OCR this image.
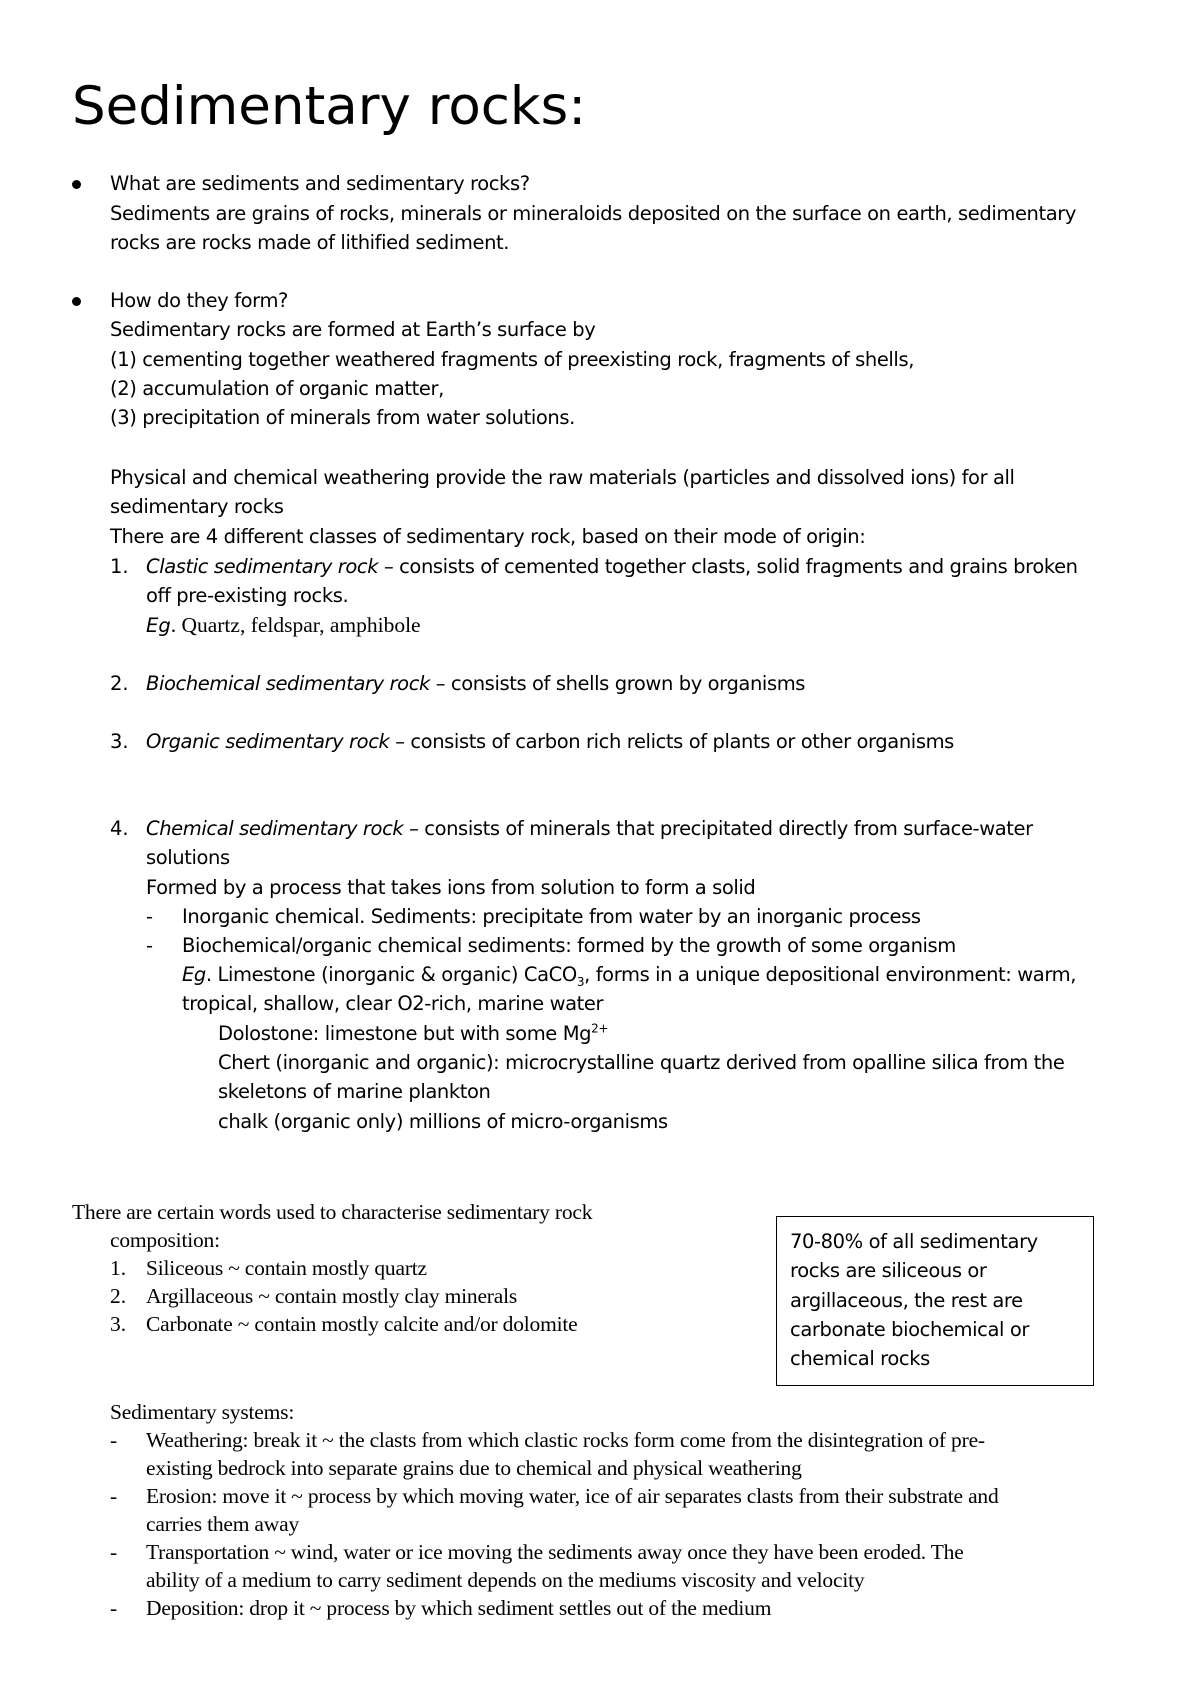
Sedimentary rocks:
What are sediments and sedimentary rocks?
Sediments are grains of rocks, minerals or mineraloids deposited on the surface on earth, sedimentary
rocks are rocks made of lithified sediment.
How do they form?
Sedimentary rocks are formed at Earth’s surface by
(1) cementing together weathered fragments of preexisting rock, fragments of shells,
(2) accumulation of organic matter,
(3) precipitation of minerals from water solutions.
Physical and chemical weathering provide the raw materials (particles and dissolved ions) for all
sedimentary rocks
There are 4 different classes of sedimentary rock, based on their mode of origin:
1. Clastic sedimentary rock – consists of cemented together clasts, solid fragments and grains broken
off pre-existing rocks.
Eg. Quartz, feldspar, amphibole
2. Biochemical sedimentary rock – consists of shells grown by organisms
3. Organic sedimentary rock – consists of carbon rich relicts of plants or other organisms
4. Chemical sedimentary rock – consists of minerals that precipitated directly from surface-water
solutions
Formed by a process that takes ions from solution to form a solid
- Inorganic chemical. Sediments: precipitate from water by an inorganic process
- Biochemical/organic chemical sediments: formed by the growth of some organism
Eg. Limestone (inorganic & organic) CaCO$_3$, forms in a unique depositional environment: warm,
tropical, shallow, clear O2-rich, marine water
Dolostone: limestone but with some $Mg^{2+}$
Chert (inorganic and organic): microcrystalline quartz derived from opalline silica from the
skeletons of marine plankton
chalk (organic only) millions of micro-organisms
There are certain words used to characterise sedimentary rock
composition:
1. Siliceous ~ contain mostly quartz
2. Argillaceous ~ contain mostly clay minerals
3. Carbonate ~ contain mostly calcite and/or dolomite
70-80% of all sedimentary
rocks are siliceous or
argillaceous, the rest are
carbonate biochemical or
chemical rocks
Sedimentary systems:
- Weathering: break it ~ the clasts from which clastic rocks form come from the disintegration of pre-
existing bedrock into separate grains due to chemical and physical weathering
- Erosion: move it ~ process by which moving water, ice of air separates clasts from their substrate and
carries them away
- Transportation ~ wind, water or ice moving the sediments away once they have been eroded. The
ability of a medium to carry sediment depends on the mediums viscosity and velocity
- Deposition: drop it ~ process by which sediment settles out of the medium
